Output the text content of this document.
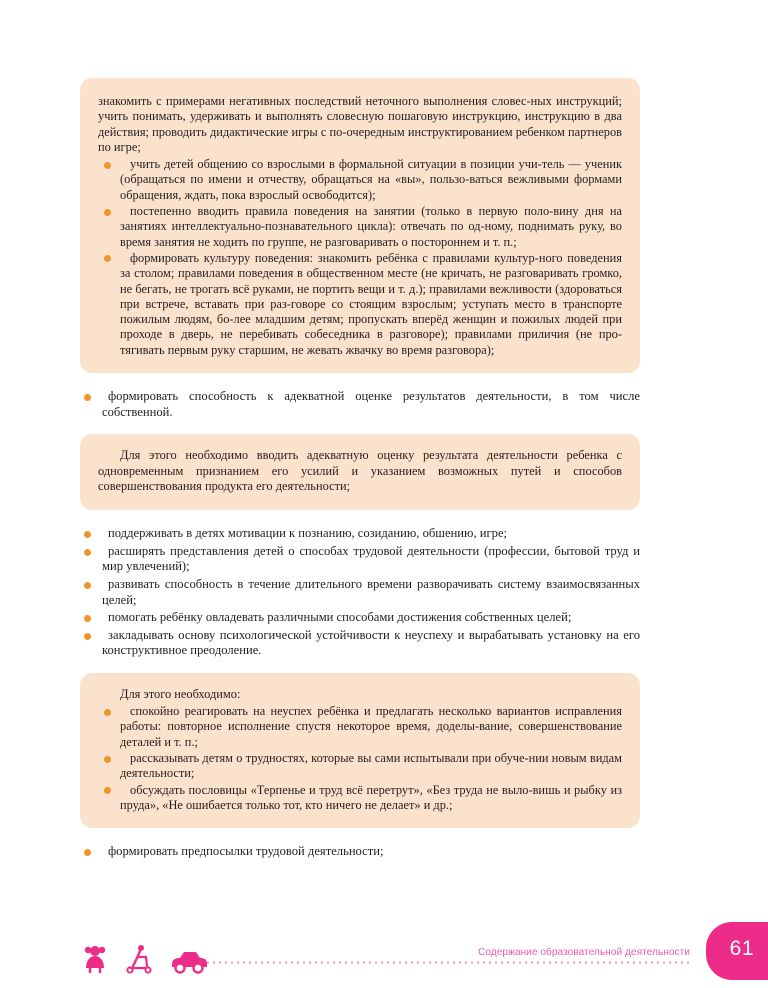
знакомить с примерами негативных последствий неточного выполнения словес-ных инструкций; учить понимать, удерживать и выполнять словесную пошаговую инструкцию, инструкцию в два действия; проводить дидактические игры с по-очередным инструктированием ребенком партнеров по игре;

учить детей общению со взрослыми в формальной ситуации в позиции учи-тель — ученик (обращаться по имени и отчеству, обращаться на «вы», пользо-ваться вежливыми формами обращения, ждать, пока взрослый освободится);
постепенно вводить правила поведения на занятии (только в первую поло-вину дня на занятиях интеллектуально-познавательного цикла): отвечать по од-ному, поднимать руку, во время занятия не ходить по группе, не разговаривать о постороннем и т. п.;
формировать культуру поведения: знакомить ребёнка с правилами культур-ного поведения за столом; правилами поведения в общественном месте (не кричать, не разговаривать громко, не бегать, не трогать всё руками, не портить вещи и т. д.); правилами вежливости (здороваться при встрече, вставать при раз-говоре со стоящим взрослым; уступать место в транспорте пожилым людям, бо-лее младшим детям; пропускать вперёд женщин и пожилых людей при проходе в дверь, не перебивать собеседника в разговоре); правилами приличия (не про-тягивать первым руку старшим, не жевать жвачку во время разговора);
формировать способность к адекватной оценке результатов деятельности, в том числе собственной.

Для этого необходимо вводить адекватную оценку результата деятельности ребенка с одновременным признанием его усилий и указанием возможных путей и способов совершенствования продукта его деятельности;

поддерживать в детях мотивации к познанию, созиданию, обшению, игре;
расширять представления детей о способах трудовой деятельности (профессии, бытовой труд и мир увлечений);
развивать способность в течение длительного времени разворачивать систему взаимосвязанных целей;
помогать ребёнку овладевать различными способами достижения собственных целей;
закладывать основу психологической устойчивости к неуспеху и вырабатывать установку на его конструктивное преодоление.

Для этого необходимо:

спокойно реагировать на неуспех ребёнка и предлагать несколько вариантов исправления работы: повторное исполнение спустя некоторое время, доделы-вание, совершенствование деталей и т. п.;
рассказывать детям о трудностях, которые вы сами испытывали при обуче-нии новым видам деятельности;
обсуждать пословицы «Терпенье и труд всё перетрут», «Без труда не выло-вишь и рыбку из пруда», «Не ошибается только тот, кто ничего не делает» и др.;
формировать предпосылки трудовой деятельности;
Содержание образовательной деятельности 61
